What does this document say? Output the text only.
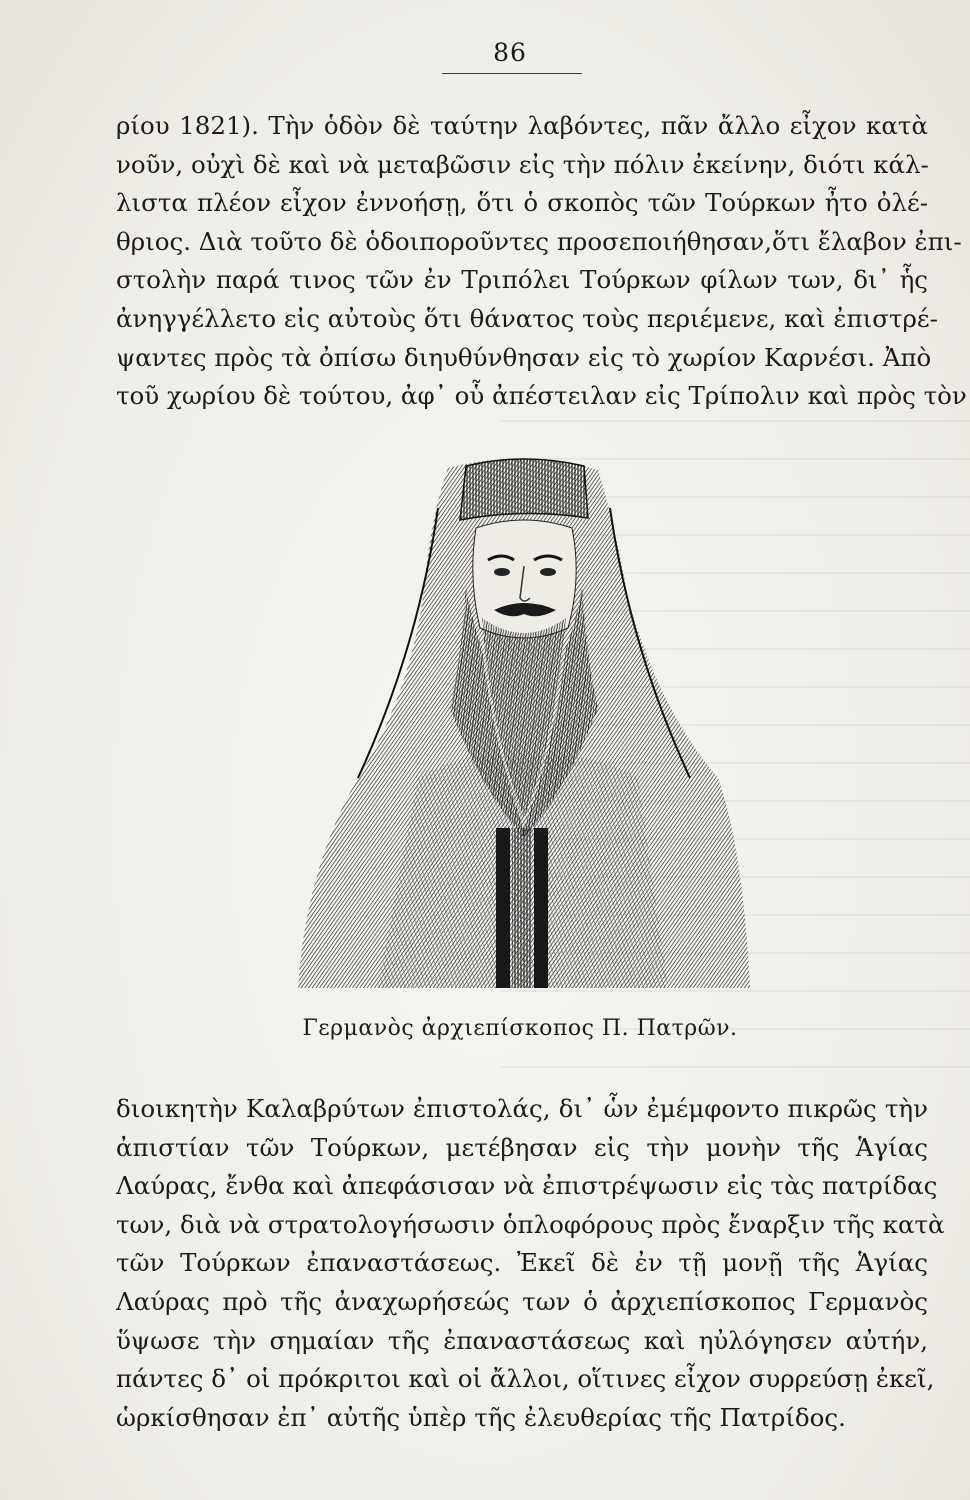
86
ρίου 1821). Τὴν ὁδὸν δὲ ταύτην λαβόντες, πᾶν ἄλλο εἶχον κατὰ
νοῦν, οὐχὶ δὲ καὶ νὰ μεταβῶσιν εἰς τὴν πόλιν ἐκείνην, διότι κάλ-
λιστα πλέον εἶχον ἐννοήσῃ, ὅτι ὁ σκοπὸς τῶν Τούρκων ἦτο ὀλέ-
θριος. Διὰ τοῦτο δὲ ὁδοιποροῦντες προσεποιήθησαν,ὅτι ἔλαβον ἐπι-
στολὴν παρά τινος τῶν ἐν Τριπόλει Τούρκων φίλων των, δι᾽ ἧς
ἀνηγγέλλετο εἰς αὐτοὺς ὅτι θάνατος τοὺς περιέμενε, καὶ ἐπιστρέ-
ψαντες πρὸς τὰ ὀπίσω διηυθύνθησαν εἰς τὸ χωρίον Καρνέσι. Ἀπὸ
τοῦ χωρίου δὲ τούτου, ἀφ᾽ οὗ ἀπέστειλαν εἰς Τρίπολιν καὶ πρὸς τὸν
Γερμανὸς ἀρχιεπίσκοπος Π. Πατρῶν.
διοικητὴν Καλαβρύτων ἐπιστολάς, δι᾽ ὧν ἐμέμφοντο πικρῶς τὴν
ἀπιστίαν τῶν Τούρκων, μετέβησαν εἰς τὴν μονὴν τῆς Ἁγίας
Λαύρας, ἔνθα καὶ ἀπεφάσισαν νὰ ἐπιστρέψωσιν εἰς τὰς πατρίδας
των, διὰ νὰ στρατολογήσωσιν ὁπλοφόρους πρὸς ἔναρξιν τῆς κατὰ
τῶν Τούρκων ἐπαναστάσεως. Ἐκεῖ δὲ ἐν τῇ μονῇ τῆς Ἁγίας
Λαύρας πρὸ τῆς ἀναχωρήσεώς των ὁ ἀρχιεπίσκοπος Γερμανὸς
ὕψωσε τὴν σημαίαν τῆς ἐπαναστάσεως καὶ ηὐλόγησεν αὐτήν,
πάντες δ᾽ οἱ πρόκριτοι καὶ οἱ ἄλλοι, οἵτινες εἶχον συρρεύσῃ ἐκεῖ,
ὡρκίσθησαν ἐπ᾽ αὐτῆς ὑπὲρ τῆς ἐλευθερίας τῆς Πατρίδος.
